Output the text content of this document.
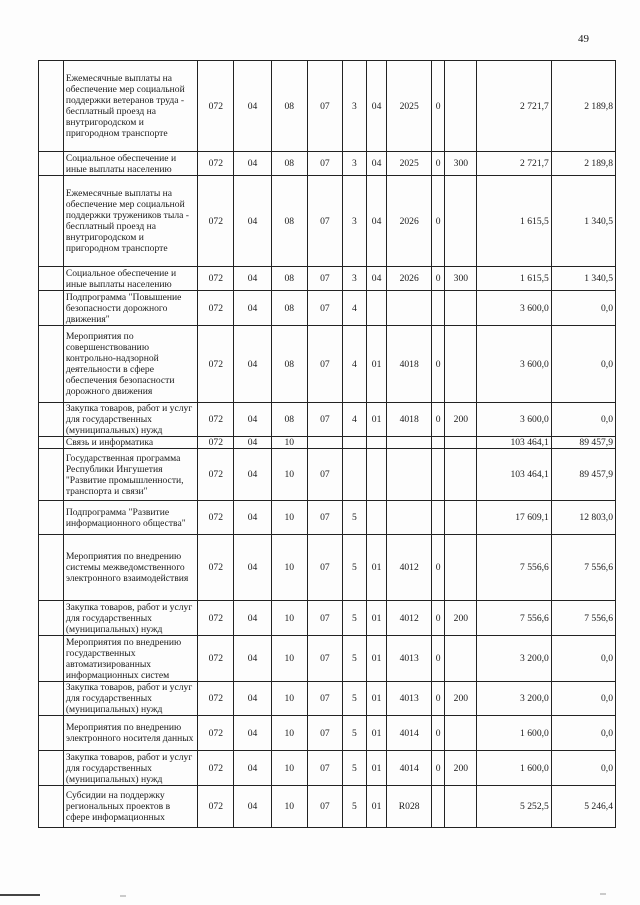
49
	Ежемесячные выплаты на обеспечение мер социальной поддержки ветеранов труда - бесплатный проезд на внутригородском и пригородном транспорте	072	04	08	07	3	04	2025	0		2 721,7	2 189,8
	Социальное обеспечение и иные выплаты населению	072	04	08	07	3	04	2025	0	300	2 721,7	2 189,8
	Ежемесячные выплаты на обеспечение мер социальной поддержки тружеников тыла - бесплатный проезд на внутригородском и пригородном транспорте	072	04	08	07	3	04	2026	0		1 615,5	1 340,5
	Социальное обеспечение и иные выплаты населению	072	04	08	07	3	04	2026	0	300	1 615,5	1 340,5
	Подпрограмма "Повышение безопасности дорожного движения"	072	04	08	07	4					3 600,0	0,0
	Мероприятия по совершенствованию контрольно-надзорной деятельности в сфере обеспечения безопасности дорожного движения	072	04	08	07	4	01	4018	0		3 600,0	0,0
	Закупка товаров, работ и услуг для государственных (муниципальных) нужд	072	04	08	07	4	01	4018	0	200	3 600,0	0,0
	Связь и информатика	072	04	10							103 464,1	89 457,9
	Государственная программа Республики Ингушетия "Развитие промышленности, транспорта и связи"	072	04	10	07						103 464,1	89 457,9
	Подпрограмма "Развитие информационного общества"	072	04	10	07	5					17 609,1	12 803,0
	Мероприятия по внедрению системы межведомственного электронного взаимодействия	072	04	10	07	5	01	4012	0		7 556,6	7 556,6
	Закупка товаров, работ и услуг для государственных (муниципальных) нужд	072	04	10	07	5	01	4012	0	200	7 556,6	7 556,6
	Мероприятия по внедрению государственных автоматизированных информационных систем	072	04	10	07	5	01	4013	0		3 200,0	0,0
	Закупка товаров, работ и услуг для государственных (муниципальных) нужд	072	04	10	07	5	01	4013	0	200	3 200,0	0,0
	Мероприятия по внедрению электронного носителя данных	072	04	10	07	5	01	4014	0		1 600,0	0,0
	Закупка товаров, работ и услуг для государственных (муниципальных) нужд	072	04	10	07	5	01	4014	0	200	1 600,0	0,0
	Субсидии на поддержку региональных проектов в сфере информационных	072	04	10	07	5	01	R028			5 252,5	5 246,4
